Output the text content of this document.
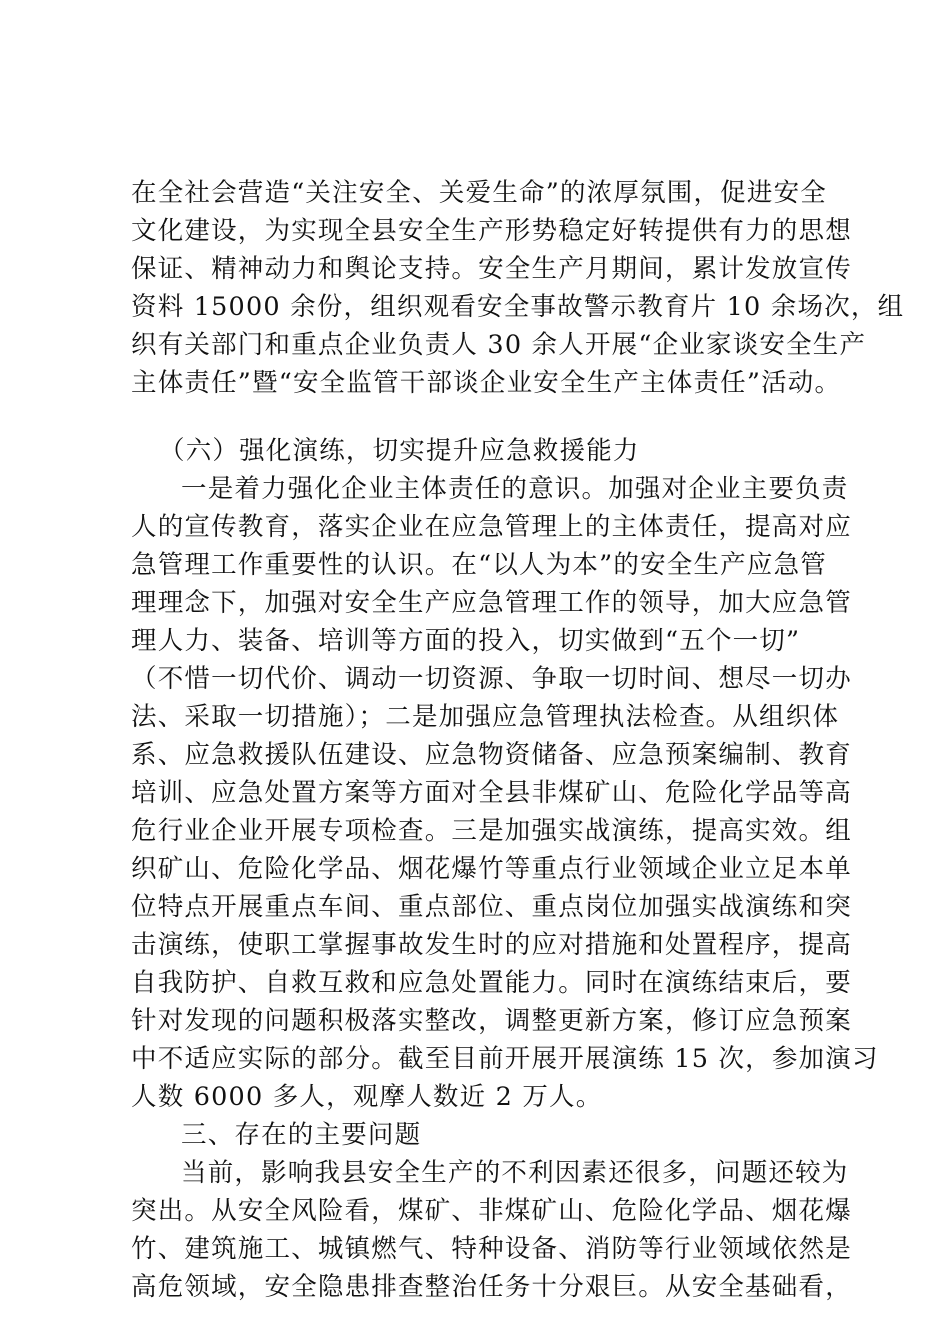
在全社会营造“关注安全、关爱生命”的浓厚氛围，促进安全
文化建设，为实现全县安全生产形势稳定好转提供有力的思想
保证、精神动力和舆论支持。安全生产月期间，累计发放宣传
资料 15000 余份，组织观看安全事故警示教育片 10 余场次，组
织有关部门和重点企业负责人 30 余人开展“企业家谈安全生产
主体责任”暨“安全监管干部谈企业安全生产主体责任”活动。
（六）强化演练，切实提升应急救援能力
一是着力强化企业主体责任的意识。加强对企业主要负责
人的宣传教育，落实企业在应急管理上的主体责任，提高对应
急管理工作重要性的认识。在“以人为本”的安全生产应急管
理理念下，加强对安全生产应急管理工作的领导，加大应急管
理人力、装备、培训等方面的投入，切实做到“五个一切”
（不惜一切代价、调动一切资源、争取一切时间、想尽一切办
法、采取一切措施）；二是加强应急管理执法检查。从组织体
系、应急救援队伍建设、应急物资储备、应急预案编制、教育
培训、应急处置方案等方面对全县非煤矿山、危险化学品等高
危行业企业开展专项检查。三是加强实战演练，提高实效。组
织矿山、危险化学品、烟花爆竹等重点行业领域企业立足本单
位特点开展重点车间、重点部位、重点岗位加强实战演练和突
击演练，使职工掌握事故发生时的应对措施和处置程序，提高
自我防护、自救互救和应急处置能力。同时在演练结束后，要
针对发现的问题积极落实整改，调整更新方案，修订应急预案
中不适应实际的部分。截至目前开展开展演练 15 次，参加演习
人数 6000 多人，观摩人数近 2 万人。
三、存在的主要问题
当前，影响我县安全生产的不利因素还很多，问题还较为
突出。从安全风险看，煤矿、非煤矿山、危险化学品、烟花爆
竹、建筑施工、城镇燃气、特种设备、消防等行业领域依然是
高危领域，安全隐患排查整治任务十分艰巨。从安全基础看，
